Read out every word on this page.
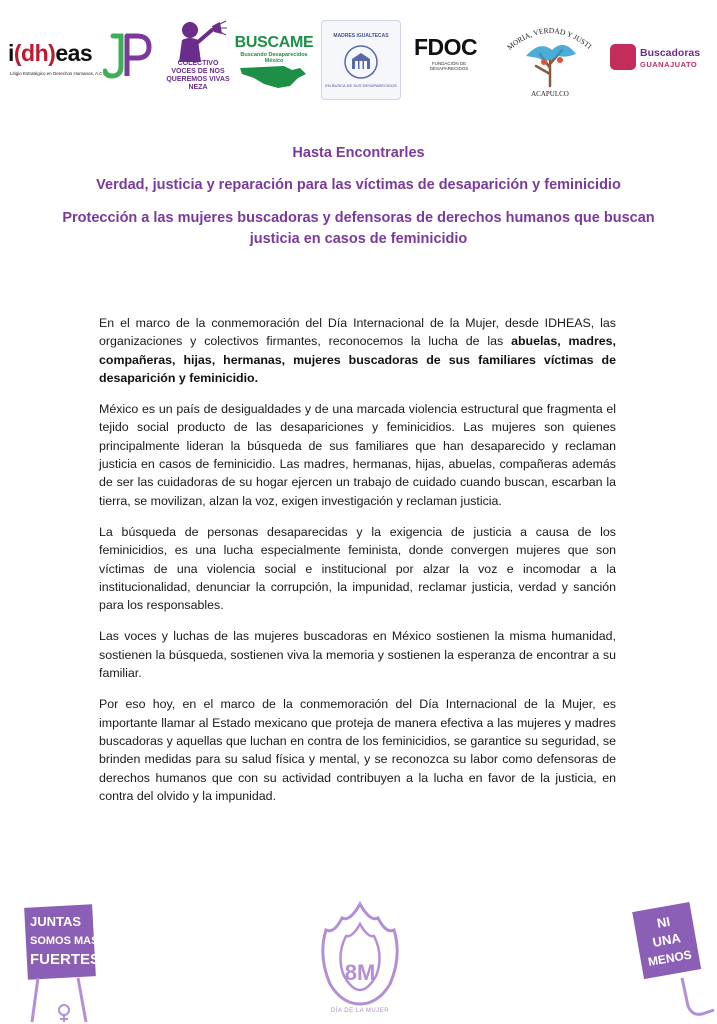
i(dh)eas
Litigio Estratégico en Derechos Humanos, A.C.
COLECTIVO VOCES DE NOS QUEREMOS VIVAS NEZA
BUSCAME
Buscando Desaparecidos México
MADRES IGUALTECAS
EN BUSCA DE SUS DESAPARECIDOS
FDOC
FUNDACIÓN DE DESAPARECIDOS
MORIA, VERDAD Y JUSTI
ACAPULCO
Buscadoras
GUANAJUATO
Hasta Encontrarles
Verdad, justicia y reparación para las víctimas de desaparición y feminicidio
Protección a las mujeres buscadoras y defensoras de derechos humanos que buscan justicia en casos de feminicidio

En el marco de la conmemoración del Día Internacional de la Mujer, desde IDHEAS, las organizaciones y colectivos firmantes, reconocemos la lucha de las abuelas, madres, compañeras, hijas, hermanas, mujeres buscadoras de sus familiares víctimas de desaparición y feminicidio.

México es un país de desigualdades y de una marcada violencia estructural que fragmenta el tejido social producto de las desapariciones y feminicidios. Las mujeres son quienes principalmente lideran la búsqueda de sus familiares que han desaparecido y reclaman justicia en casos de feminicidio. Las madres, hermanas, hijas, abuelas, compañeras además de ser las cuidadoras de su hogar ejercen un trabajo de cuidado cuando buscan, escarban la tierra, se movilizan, alzan la voz, exigen investigación y reclaman justicia.

La búsqueda de personas desaparecidas y la exigencia de justicia a causa de los feminicidios, es una lucha especialmente feminista, donde convergen mujeres que son víctimas de una violencia social e institucional por alzar la voz e incomodar a la institucionalidad, denunciar la corrupción, la impunidad, reclamar justicia, verdad y sanción para los responsables.

Las voces y luchas de las mujeres buscadoras en México sostienen la misma humanidad, sostienen la búsqueda, sostienen viva la memoria y sostienen la esperanza de encontrar a su familiar.

Por eso hoy, en el marco de la conmemoración del Día Internacional de la Mujer, es importante llamar al Estado mexicano que proteja de manera efectiva a las mujeres y madres buscadoras y aquellas que luchan en contra de los feminicidios, se garantice su seguridad, se brinden medidas para su salud física y mental, y se reconozca su labor como defensoras de derechos humanos que con su actividad contribuyen a la lucha en favor de la justicia, en contra del olvido y la impunidad.

JUNTAS
SOMOS MAS
FUERTES
8M
DÍA DE LA MUJER
NI
UNA
MENOS
